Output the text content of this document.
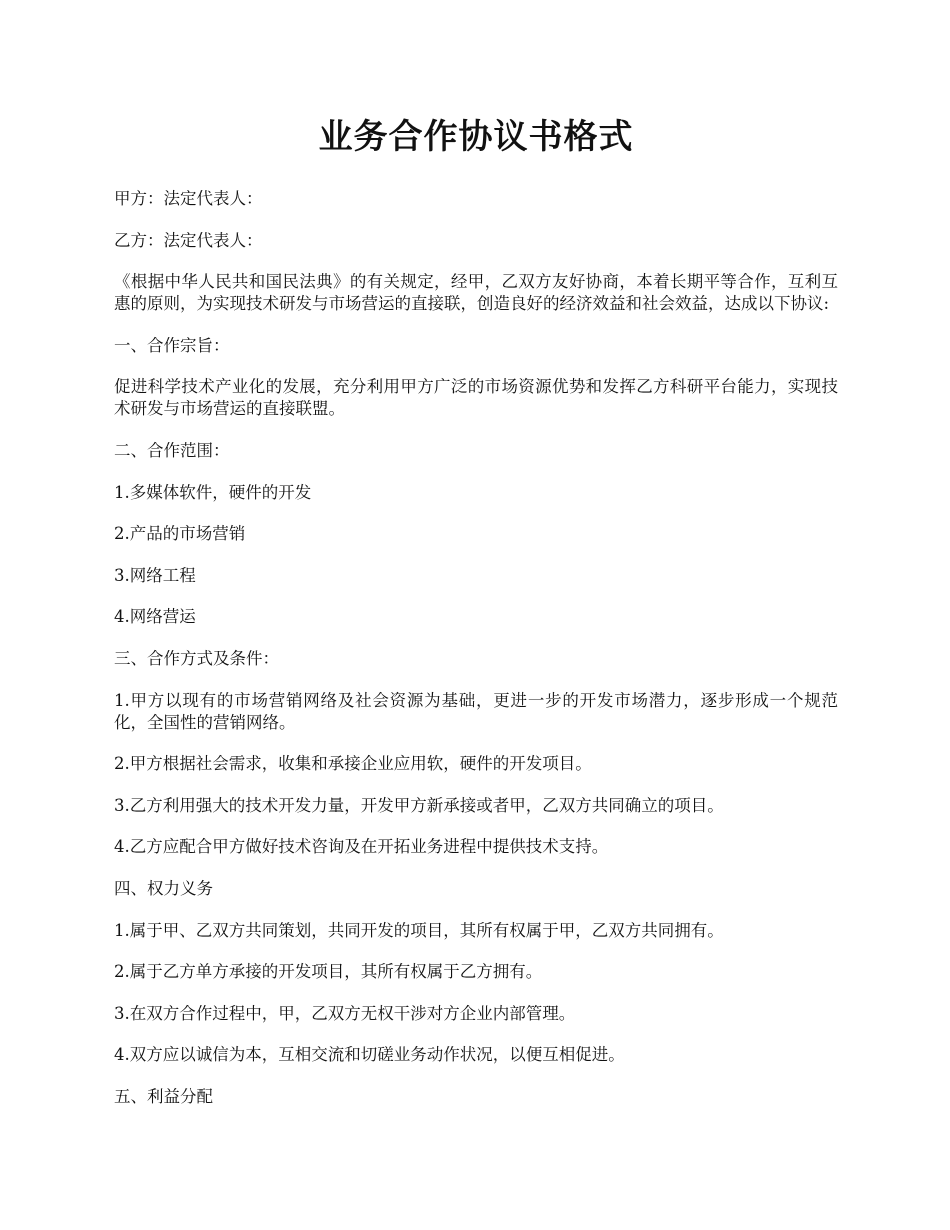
业务合作协议书格式

甲方：法定代表人：

乙方：法定代表人：

《根据中华人民共和国民法典》的有关规定，经甲，乙双方友好协商，本着长期平等合作，互利互惠的原则，为实现技术研发与市场营运的直接联，创造良好的经济效益和社会效益，达成以下协议:

一、合作宗旨：

促进科学技术产业化的发展，充分利用甲方广泛的市场资源优势和发挥乙方科研平台能力，实现技术研发与市场营运的直接联盟。

二、合作范围：

1.多媒体软件，硬件的开发

2.产品的市场营销

3.网络工程

4.网络营运

三、合作方式及条件：

1.甲方以现有的市场营销网络及社会资源为基础，更进一步的开发市场潜力，逐步形成一个规范化，全国性的营销网络。

2.甲方根据社会需求，收集和承接企业应用软，硬件的开发项目。

3.乙方利用强大的技术开发力量，开发甲方新承接或者甲，乙双方共同确立的项目。

4.乙方应配合甲方做好技术咨询及在开拓业务进程中提供技术支持。

四、权力义务

1.属于甲、乙双方共同策划，共同开发的项目，其所有权属于甲，乙双方共同拥有。

2.属于乙方单方承接的开发项目，其所有权属于乙方拥有。

3.在双方合作过程中，甲，乙双方无权干涉对方企业内部管理。

4.双方应以诚信为本，互相交流和切磋业务动作状况，以便互相促进。

五、利益分配
